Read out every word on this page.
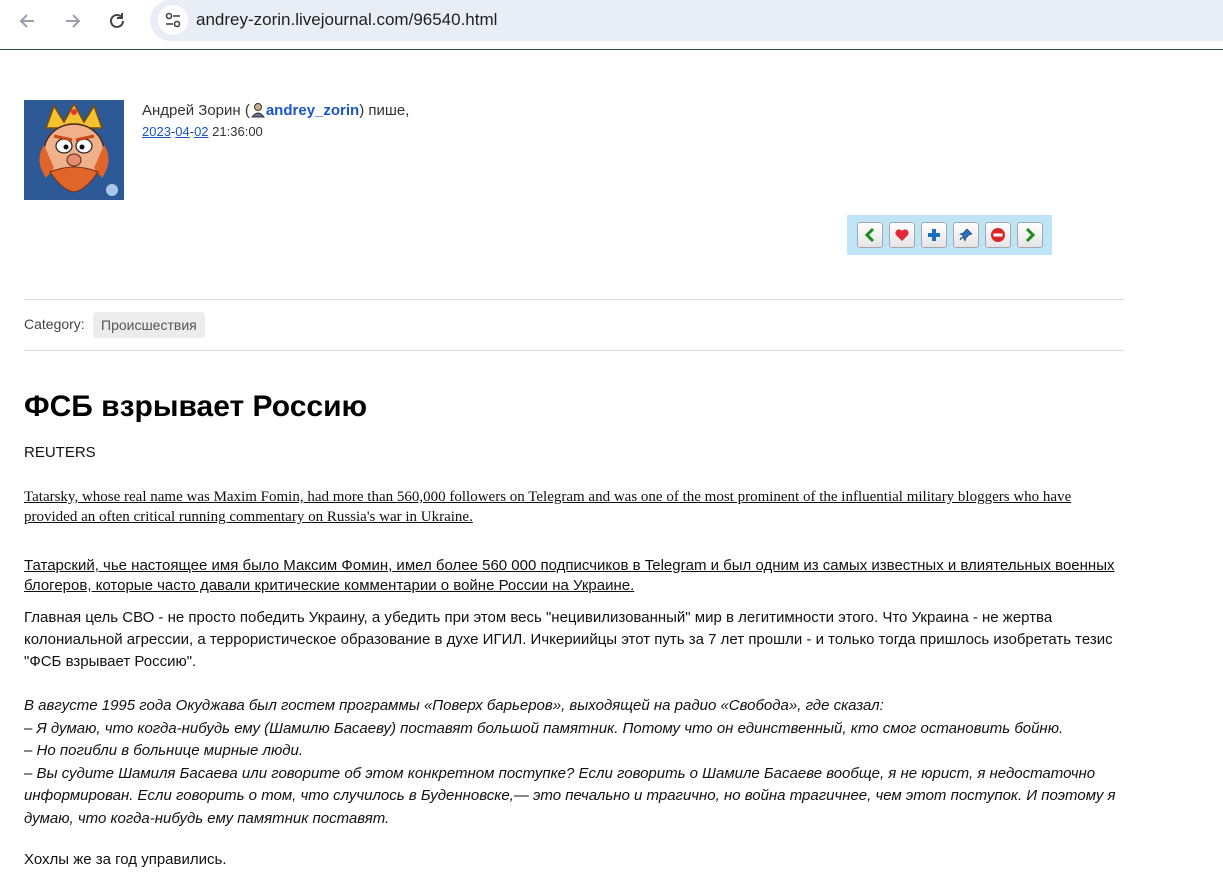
andrey-zorin.livejournal.com/96540.html
Андрей Зорин ( andrey_zorin) пише,
2023-04-02 21:36:00
Category:	Происшествия
ФСБ взрывает Россию
REUTERS
Tatarsky, whose real name was Maxim Fomin, had more than 560,000 followers on Telegram and was one of the most prominent of the influential military bloggers who have provided an often critical running commentary on Russia's war in Ukraine.
Татарский, чье настоящее имя было Максим Фомин, имел более 560 000 подписчиков в Telegram и был одним из самых известных и влиятельных военных блогеров, которые часто давали критические комментарии о войне России на Украине.
Главная цель СВО - не просто победить Украину, а убедить при этом весь "нецивилизованный" мир в легитимности этого. Что Украина - не жертва колониальной агрессии, а террористическое образование в духе ИГИЛ. Ичкериийцы этот путь за 7 лет прошли - и только тогда пришлось изобретать тезис "ФСБ взрывает Россию".
В августе 1995 года Окуджава был гостем программы «Поверх барьеров», выходящей на радио «Свобода», где сказал:
– Я думаю, что когда-нибудь ему (Шамилю Басаеву) поставят большой памятник. Потому что он единственный, кто смог остановить бойню.
– Но погибли в больнице мирные люди.
– Вы судите Шамиля Басаева или говорите об этом конкретном поступке? Если говорить о Шамиле Басаеве вообще, я не юрист, я недостаточно информирован. Если говорить о том, что случилось в Буденновске,— это печально и трагично, но война трагичнее, чем этот поступок. И поэтому я думаю, что когда-нибудь ему памятник поставят.
Хохлы же за год управились.
